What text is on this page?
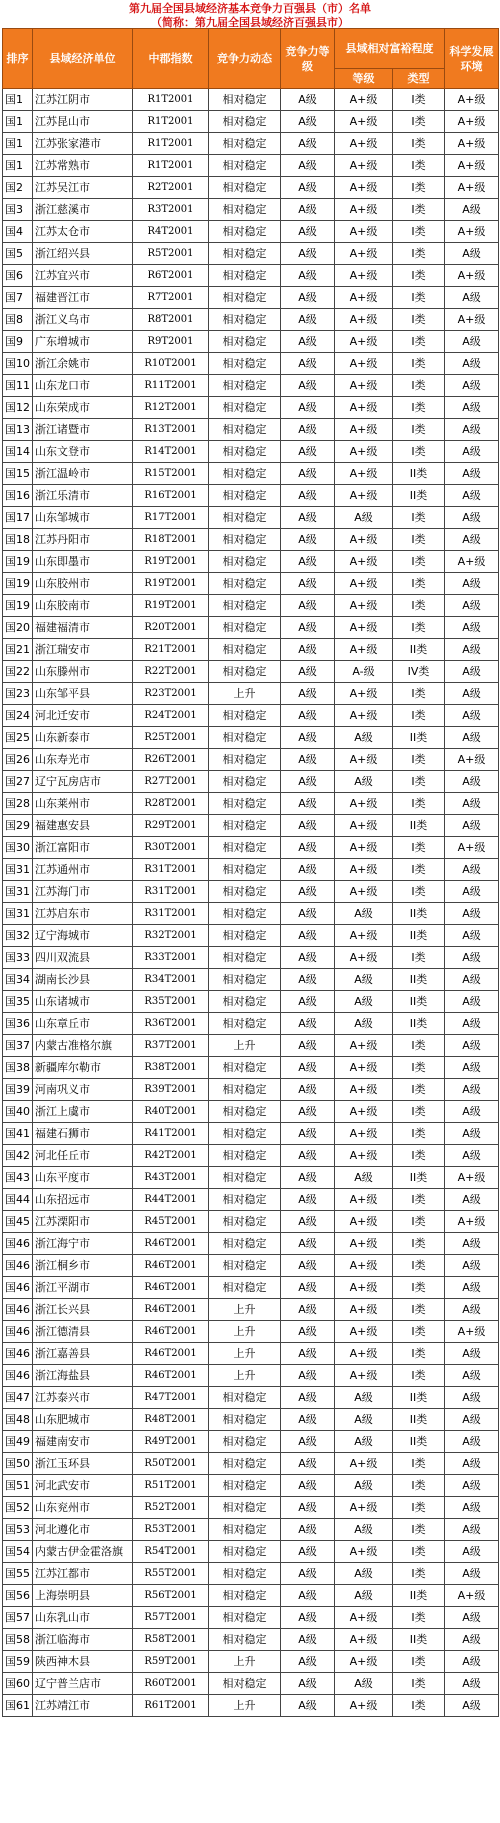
第九届全国县域经济基本竞争力百强县（市）名单
（简称：第九届全国县域经济百强县市）
排序	县域经济单位	中郡指数	竞争力动态	竞争力等级	县域相对富裕程度		科学发展环境
					等级	类型	
国1	江苏江阴市	R1T2001	相对稳定	A级	A+级	I类	A+级
国1	江苏昆山市	R1T2001	相对稳定	A级	A+级	I类	A+级
国1	江苏张家港市	R1T2001	相对稳定	A级	A+级	I类	A+级
国1	江苏常熟市	R1T2001	相对稳定	A级	A+级	I类	A+级
国2	江苏吴江市	R2T2001	相对稳定	A级	A+级	I类	A+级
国3	浙江慈溪市	R3T2001	相对稳定	A级	A+级	I类	A级
国4	江苏太仓市	R4T2001	相对稳定	A级	A+级	I类	A+级
国5	浙江绍兴县	R5T2001	相对稳定	A级	A+级	I类	A级
国6	江苏宜兴市	R6T2001	相对稳定	A级	A+级	I类	A+级
国7	福建晋江市	R7T2001	相对稳定	A级	A+级	I类	A级
国8	浙江义乌市	R8T2001	相对稳定	A级	A+级	I类	A+级
国9	广东增城市	R9T2001	相对稳定	A级	A+级	I类	A级
国10	浙江余姚市	R10T2001	相对稳定	A级	A+级	I类	A级
国11	山东龙口市	R11T2001	相对稳定	A级	A+级	I类	A级
国12	山东荣成市	R12T2001	相对稳定	A级	A+级	I类	A级
国13	浙江诸暨市	R13T2001	相对稳定	A级	A+级	I类	A级
国14	山东文登市	R14T2001	相对稳定	A级	A+级	I类	A级
国15	浙江温岭市	R15T2001	相对稳定	A级	A+级	II类	A级
国16	浙江乐清市	R16T2001	相对稳定	A级	A+级	II类	A级
国17	山东邹城市	R17T2001	相对稳定	A级	A级	I类	A级
国18	江苏丹阳市	R18T2001	相对稳定	A级	A+级	I类	A级
国19	山东即墨市	R19T2001	相对稳定	A级	A+级	I类	A+级
国19	山东胶州市	R19T2001	相对稳定	A级	A+级	I类	A级
国19	山东胶南市	R19T2001	相对稳定	A级	A+级	I类	A级
国20	福建福清市	R20T2001	相对稳定	A级	A+级	I类	A级
国21	浙江瑞安市	R21T2001	相对稳定	A级	A+级	II类	A级
国22	山东滕州市	R22T2001	相对稳定	A级	A-级	IV类	A级
国23	山东邹平县	R23T2001	上升	A级	A+级	I类	A级
国24	河北迁安市	R24T2001	相对稳定	A级	A+级	I类	A级
国25	山东新泰市	R25T2001	相对稳定	A级	A级	II类	A级
国26	山东寿光市	R26T2001	相对稳定	A级	A+级	I类	A+级
国27	辽宁瓦房店市	R27T2001	相对稳定	A级	A级	I类	A级
国28	山东莱州市	R28T2001	相对稳定	A级	A+级	I类	A级
国29	福建惠安县	R29T2001	相对稳定	A级	A+级	II类	A级
国30	浙江富阳市	R30T2001	相对稳定	A级	A+级	I类	A+级
国31	江苏通州市	R31T2001	相对稳定	A级	A+级	I类	A级
国31	江苏海门市	R31T2001	相对稳定	A级	A+级	I类	A级
国31	江苏启东市	R31T2001	相对稳定	A级	A级	II类	A级
国32	辽宁海城市	R32T2001	相对稳定	A级	A+级	II类	A级
国33	四川双流县	R33T2001	相对稳定	A级	A+级	I类	A级
国34	湖南长沙县	R34T2001	相对稳定	A级	A级	II类	A级
国35	山东诸城市	R35T2001	相对稳定	A级	A级	II类	A级
国36	山东章丘市	R36T2001	相对稳定	A级	A级	II类	A级
国37	内蒙古准格尔旗	R37T2001	上升	A级	A+级	I类	A级
国38	新疆库尔勒市	R38T2001	相对稳定	A级	A+级	I类	A级
国39	河南巩义市	R39T2001	相对稳定	A级	A+级	I类	A级
国40	浙江上虞市	R40T2001	相对稳定	A级	A+级	I类	A级
国41	福建石狮市	R41T2001	相对稳定	A级	A+级	I类	A级
国42	河北任丘市	R42T2001	相对稳定	A级	A+级	I类	A级
国43	山东平度市	R43T2001	相对稳定	A级	A级	II类	A+级
国44	山东招远市	R44T2001	相对稳定	A级	A+级	I类	A级
国45	江苏溧阳市	R45T2001	相对稳定	A级	A+级	I类	A+级
国46	浙江海宁市	R46T2001	相对稳定	A级	A+级	I类	A级
国46	浙江桐乡市	R46T2001	相对稳定	A级	A+级	I类	A级
国46	浙江平湖市	R46T2001	相对稳定	A级	A+级	I类	A级
国46	浙江长兴县	R46T2001	上升	A级	A+级	I类	A级
国46	浙江德清县	R46T2001	上升	A级	A+级	I类	A+级
国46	浙江嘉善县	R46T2001	上升	A级	A+级	I类	A级
国46	浙江海盐县	R46T2001	上升	A级	A+级	I类	A级
国47	江苏泰兴市	R47T2001	相对稳定	A级	A级	II类	A级
国48	山东肥城市	R48T2001	相对稳定	A级	A级	II类	A级
国49	福建南安市	R49T2001	相对稳定	A级	A级	II类	A级
国50	浙江玉环县	R50T2001	相对稳定	A级	A+级	I类	A级
国51	河北武安市	R51T2001	相对稳定	A级	A级	I类	A级
国52	山东兖州市	R52T2001	相对稳定	A级	A+级	I类	A级
国53	河北遵化市	R53T2001	相对稳定	A级	A级	I类	A级
国54	内蒙古伊金霍洛旗	R54T2001	相对稳定	A级	A+级	I类	A级
国55	江苏江都市	R55T2001	相对稳定	A级	A级	I类	A级
国56	上海崇明县	R56T2001	相对稳定	A级	A级	II类	A+级
国57	山东乳山市	R57T2001	相对稳定	A级	A+级	I类	A级
国58	浙江临海市	R58T2001	相对稳定	A级	A+级	II类	A级
国59	陕西神木县	R59T2001	上升	A级	A+级	I类	A级
国60	辽宁普兰店市	R60T2001	相对稳定	A级	A级	I类	A级
国61	江苏靖江市	R61T2001	上升	A级	A+级	I类	A级
